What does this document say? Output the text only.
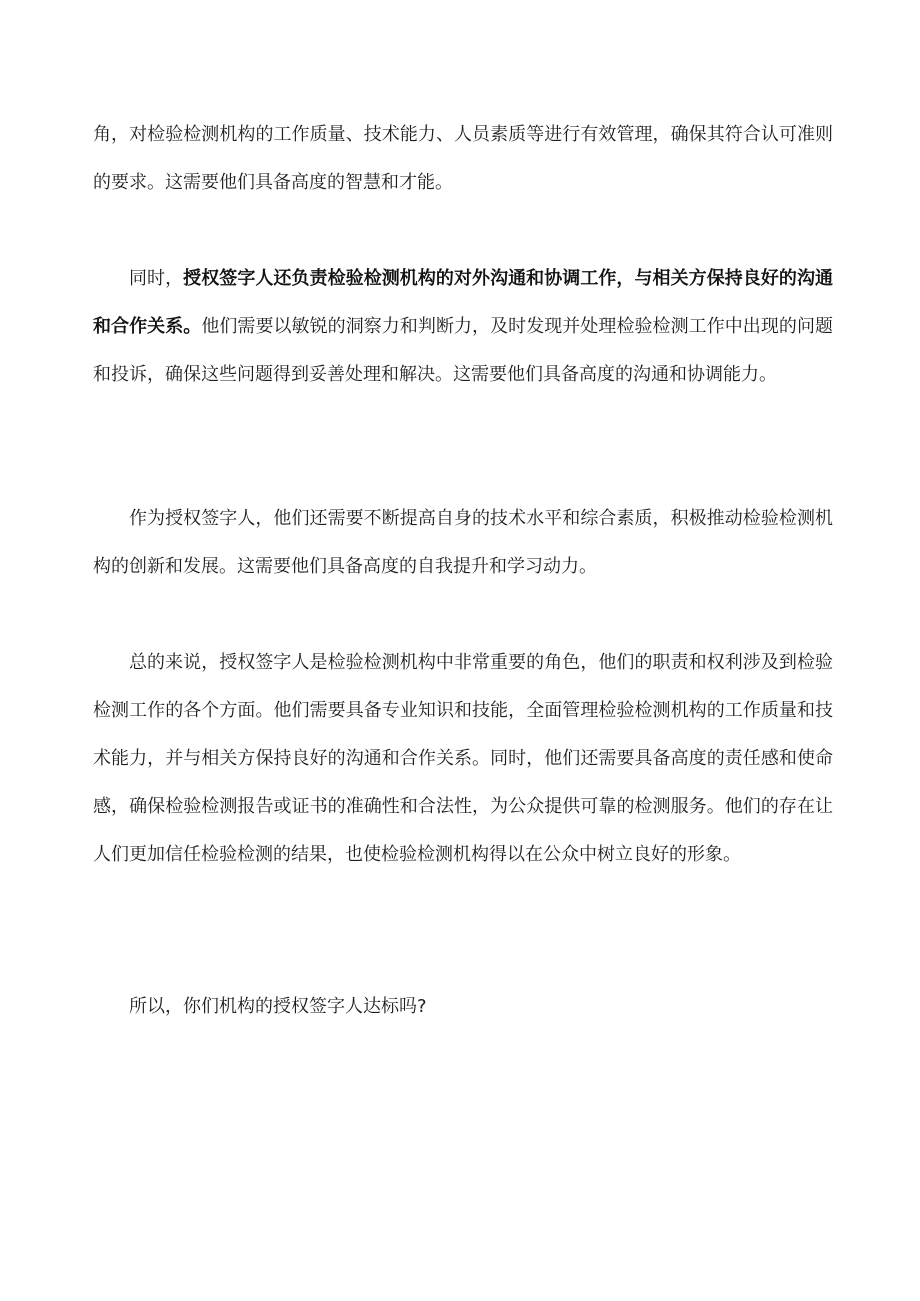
角，对检验检测机构的工作质量、技术能力、人员素质等进行有效管理，确保其符合认可准则的要求。这需要他们具备高度的智慧和才能。

同时，授权签字人还负责检验检测机构的对外沟通和协调工作，与相关方保持良好的沟通和合作关系。他们需要以敏锐的洞察力和判断力，及时发现并处理检验检测工作中出现的问题和投诉，确保这些问题得到妥善处理和解决。这需要他们具备高度的沟通和协调能力。

作为授权签字人，他们还需要不断提高自身的技术水平和综合素质，积极推动检验检测机构的创新和发展。这需要他们具备高度的自我提升和学习动力。

总的来说，授权签字人是检验检测机构中非常重要的角色，他们的职责和权利涉及到检验检测工作的各个方面。他们需要具备专业知识和技能，全面管理检验检测机构的工作质量和技术能力，并与相关方保持良好的沟通和合作关系。同时，他们还需要具备高度的责任感和使命感，确保检验检测报告或证书的准确性和合法性，为公众提供可靠的检测服务。他们的存在让人们更加信任检验检测的结果，也使检验检测机构得以在公众中树立良好的形象。

所以，你们机构的授权签字人达标吗?
